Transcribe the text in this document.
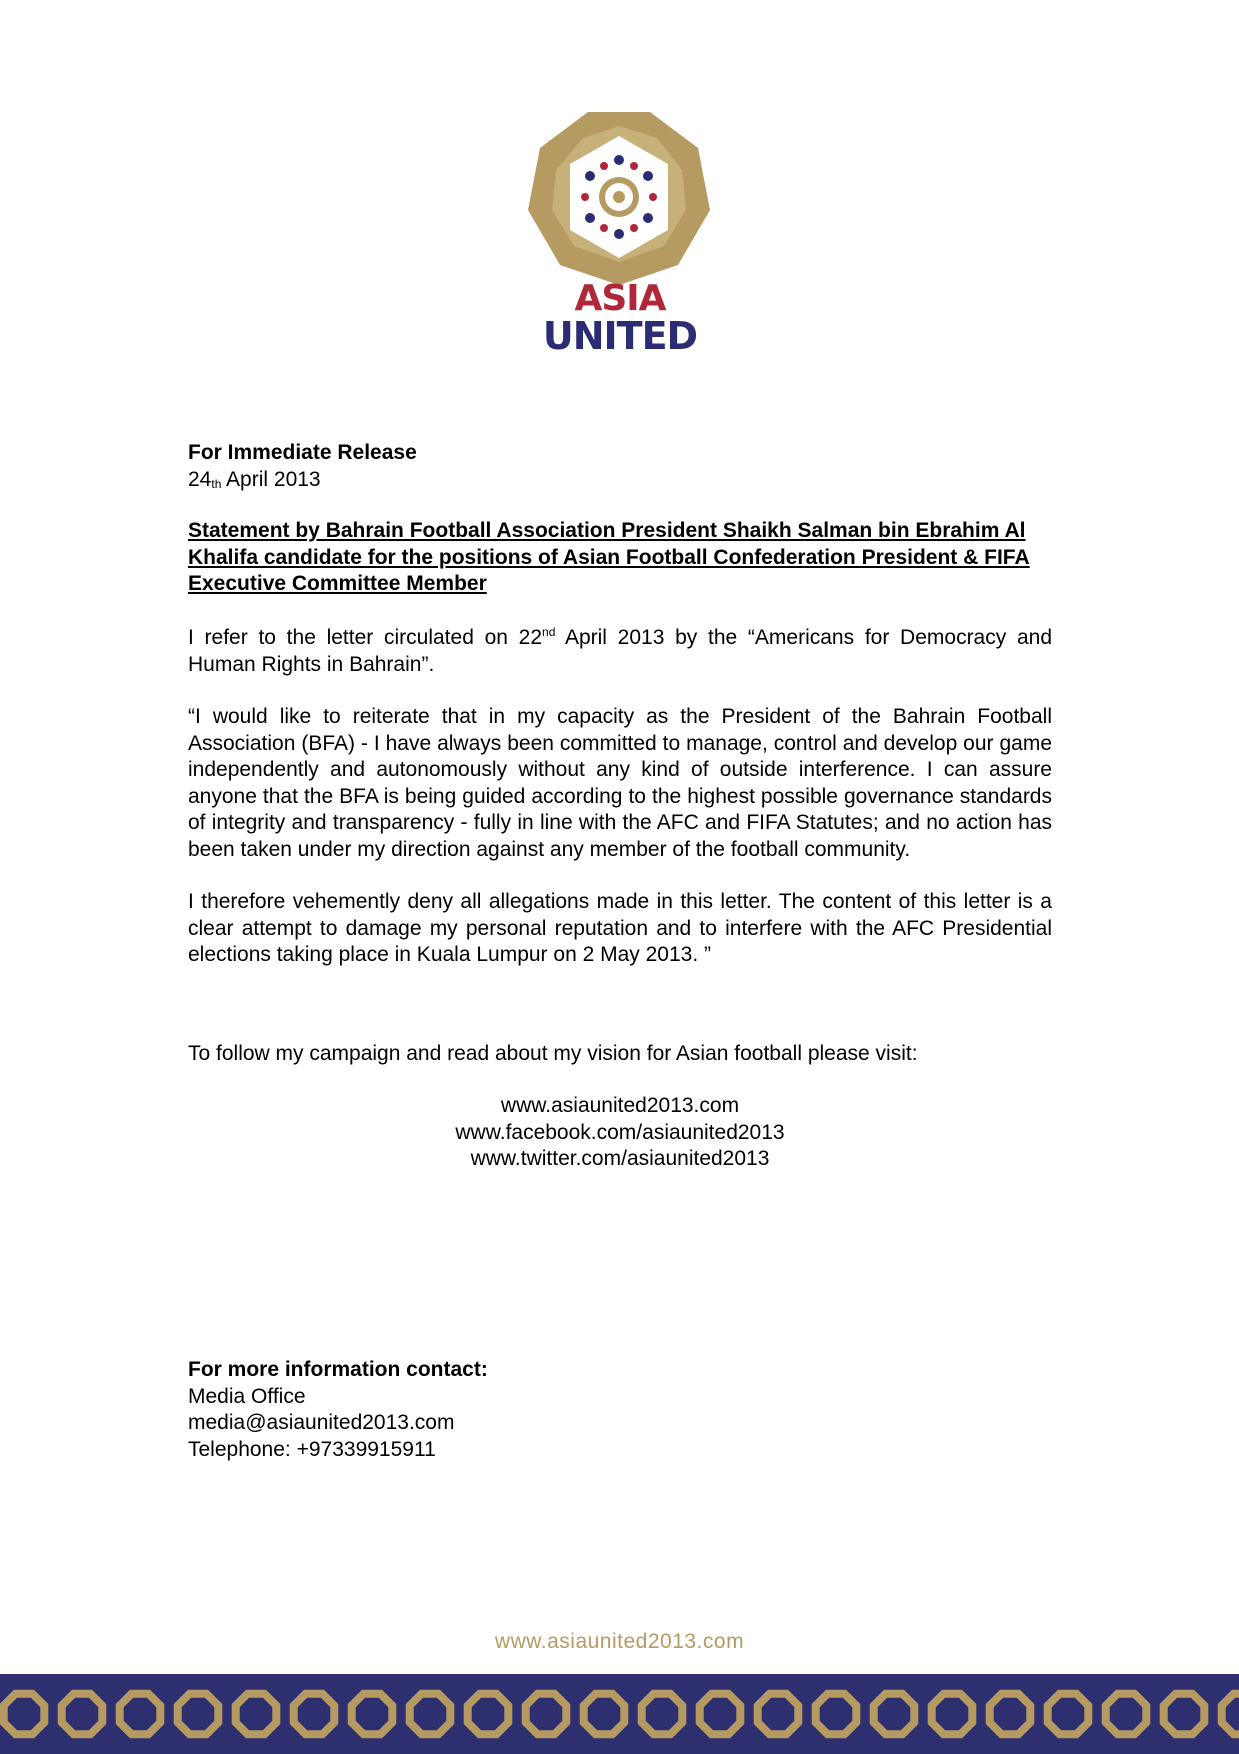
ASIA
UNITED
For Immediate Release
$24_{th}$ April 2013
Statement by Bahrain Football Association President Shaikh Salman bin Ebrahim Al Khalifa candidate for the positions of Asian Football Confederation President & FIFA Executive Committee Member

I refer to the letter circulated on 22nd April 2013 by the “Americans for Democracy and Human Rights in Bahrain”.

“I would like to reiterate that in my capacity as the President of the Bahrain Football Association (BFA) - I have always been committed to manage, control and develop our game independently and autonomously without any kind of outside interference. I can assure anyone that the BFA is being guided according to the highest possible governance standards of integrity and transparency - fully in line with the AFC and FIFA Statutes; and no action has been taken under my direction against any member of the football community.

I therefore vehemently deny all allegations made in this letter. The content of this letter is a clear attempt to damage my personal reputation and to interfere with the AFC Presidential elections taking place in Kuala Lumpur on 2 May 2013. ”

To follow my campaign and read about my vision for Asian football please visit:
www.asiaunited2013.com
www.facebook.com/asiaunited2013
www.twitter.com/asiaunited2013
For more information contact:
Media Office
media@asiaunited2013.com
Telephone: +97339915911
www.asiaunited2013.com
